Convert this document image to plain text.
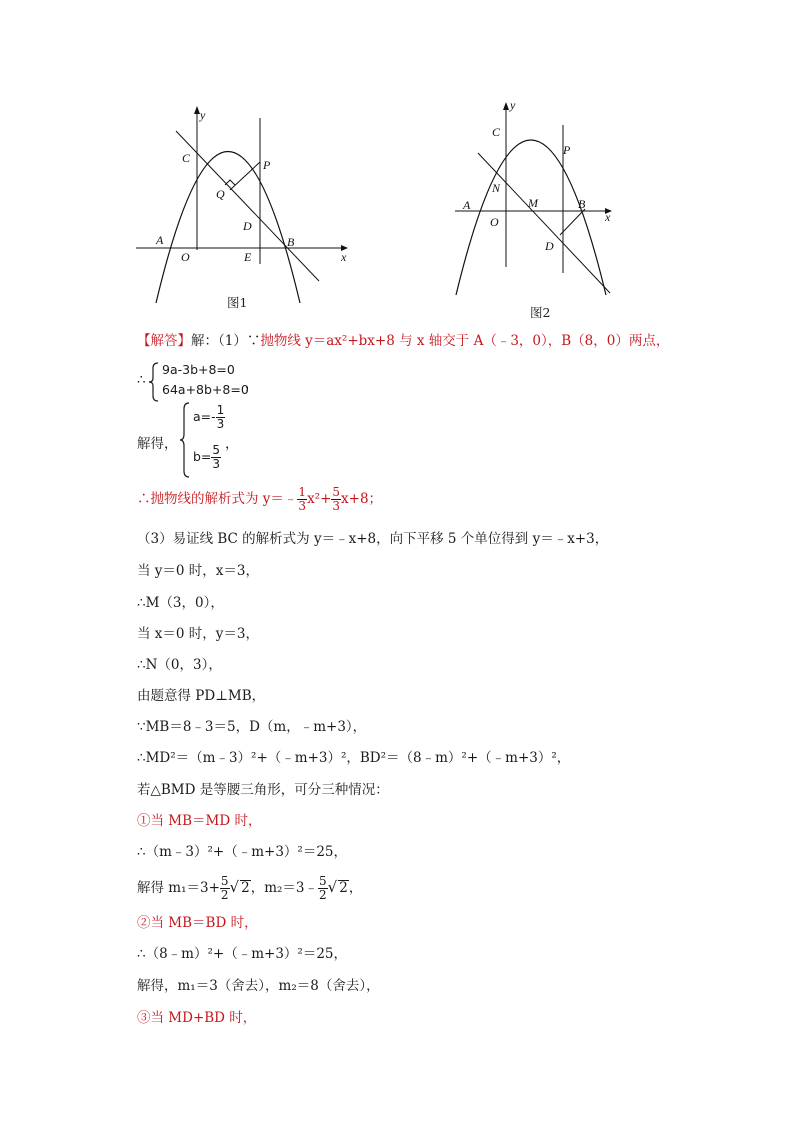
y
x
C	P
Q
D
A
O	E
B
图1
y
x
C
P
N
M
A
O
B
D
图2
【解答】解：（1）∵抛物线 y＝ax²+bx+8 与 x 轴交于 A（﹣3，0），B（8，0）两点，
∴
9a-3b+8=0
64a+8b+8=0
，
解得，
$a=- \frac{1}{3}$
$b= \frac{5}{3}$ ，
∴抛物线的解析式为 y＝﹣ $\frac{1}{3} x^2+ \frac{5}{3} x+8$；
（3）易证线 BC 的解析式为 y＝﹣x+8，向下平移 5 个单位得到 y＝﹣x+3，
当 y＝0 时，x＝3，
∴M（3，0），
当 x＝0 时，y＝3，
∴N（0，3），
由题意得 PD⊥MB，
∵MB＝8﹣3＝5，D（m，﹣m+3），
∴MD²＝（m﹣3）²+（﹣m+3）²，BD²＝（8﹣m）²+（﹣m+3）²，
若△BMD 是等腰三角形，可分三种情况：
①当 MB＝MD 时，
∴（m﹣3）²+（﹣m+3）²＝25，
解得 $m_1=3+ \frac{5}{2}$ √ 2，m₂＝3﹣ $\frac{5}{2}$ √ 2，
②当 MB＝BD 时，
∴（8﹣m）²+（﹣m+3）²＝25，
解得，m₁＝3（舍去），m₂＝8（舍去），
③当 MD+BD 时，
